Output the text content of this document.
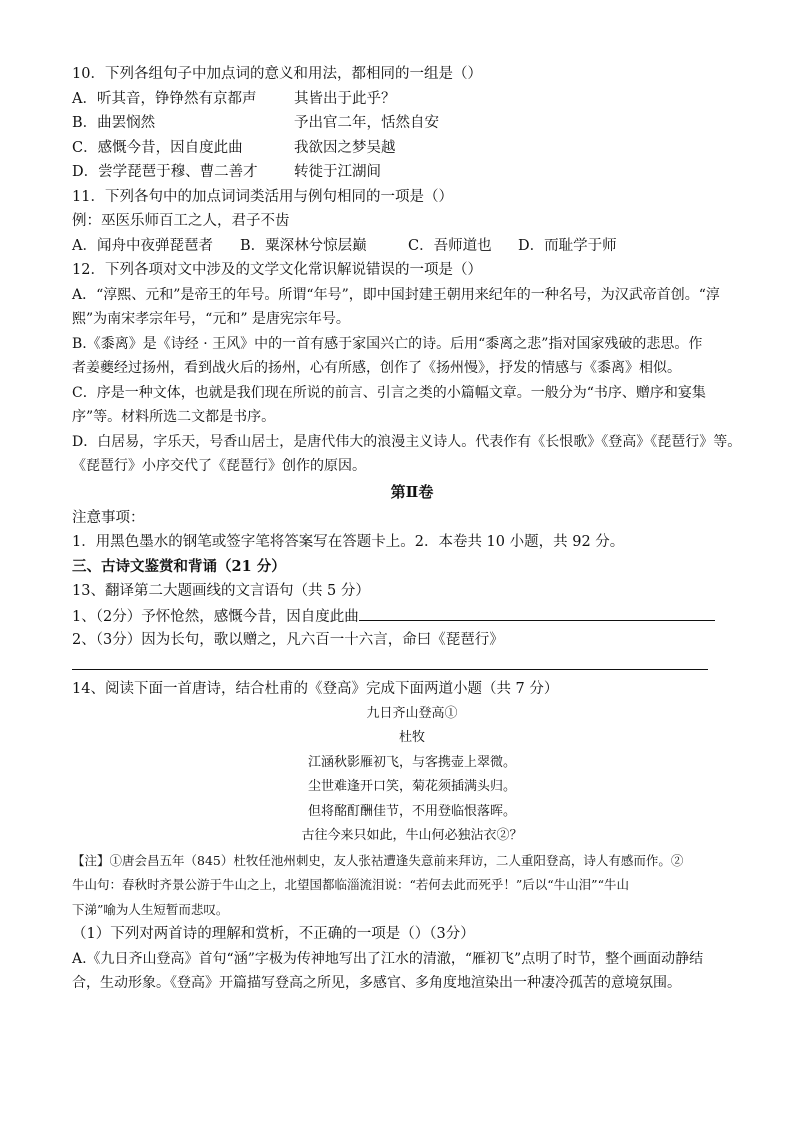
10．下列各组句子中加点词的意义和用法，都相同的一组是（）
A．听其音，铮铮然有京都声	其皆出于此乎？
B．曲罢悯然	予出官二年，恬然自安
C．感慨今昔，因自度此曲	我欲因之梦吴越
D．尝学琵琶于穆、曹二善才	转徙于江湖间
11．下列各句中的加点词词类活用与例句相同的一项是（）
例：巫医乐师百工之人，君子不齿
A．闻舟中夜弹琵琶者 B．粟深林兮惊层巅	C．吾师道也 D．而耻学于师
12．下列各项对文中涉及的文学文化常识解说错误的一项是（）
A．“淳熙、元和”是帝王的年号。所谓“年号”，即中国封建王朝用来纪年的一种名号，为汉武帝首创。“淳
熙”为南宋孝宗年号，“元和” 是唐宪宗年号。
B.《黍离》是《诗经 · 王风》中的一首有感于家国兴亡的诗。后用“黍离之悲”指对国家残破的悲思。作
者姜夔经过扬州，看到战火后的扬州，心有所感，创作了《扬州慢》，抒发的情感与《黍离》相似。
C．序是一种文体，也就是我们现在所说的前言、引言之类的小篇幅文章。一般分为“书序、赠序和宴集
序”等。材料所选二文都是书序。
D．白居易，字乐天，号香山居士，是唐代伟大的浪漫主义诗人。代表作有《长恨歌》《登高》《琵琶行》等。
《琵琶行》小序交代了《琵琶行》创作的原因。
第Ⅱ卷
注意事项：
1．用黑色墨水的钢笔或签字笔将答案写在答题卡上。2．本卷共 10 小题，共 92 分。
三、古诗文鉴赏和背诵（21 分）
13、翻译第二大题画线的文言语句（共 5 分）
1、（2分）予怀怆然，感慨今昔，因自度此曲
2、（3分）因为长句，歌以赠之，凡六百一十六言，命曰《琵琶行》
14、阅读下面一首唐诗，结合杜甫的《登高》完成下面两道小题（共 7 分）
九日齐山登高①
杜牧
江涵秋影雁初飞，与客携壶上翠微。
尘世难逢开口笑，菊花须插满头归。
但将酩酊酬佳节，不用登临恨落晖。
古往今来只如此，牛山何必独沾衣②？
【注】①唐会昌五年（845）杜牧任池州刺史，友人张祜遭逢失意前来拜访，二人重阳登高，诗人有感而作。②
牛山句：春秋时齐景公游于牛山之上，北望国都临淄流泪说：“若何去此而死乎！”后以“牛山泪”“牛山
下涕”喻为人生短暂而悲叹。
（1）下列对两首诗的理解和赏析，不正确的一项是（）（3分）
A.《九日齐山登高》首句“涵”字极为传神地写出了江水的清澈，“雁初飞”点明了时节，整个画面动静结
合，生动形象。《登高》开篇描写登高之所见，多感官、多角度地渲染出一种凄冷孤苦的意境氛围。
